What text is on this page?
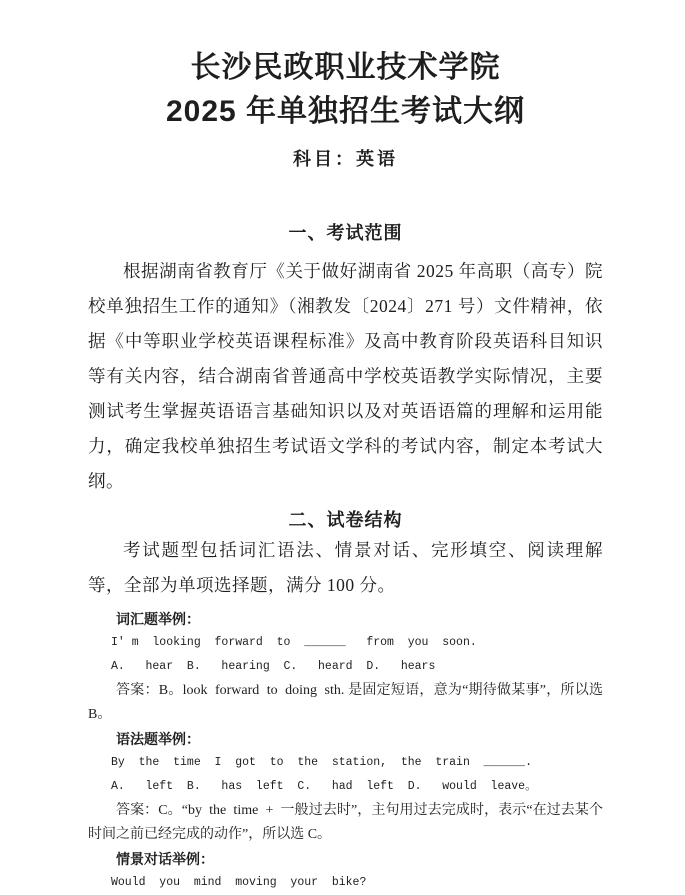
长沙民政职业技术学院
2025 年单独招生考试大纲
科目：英语
一、考试范围

根据湖南省教育厅《关于做好湖南省 2025 年高职（高专）院校单独招生工作的通知》（湘教发〔2024〕271 号）文件精神，依据《中等职业学校英语课程标准》及高中教育阶段英语科目知识等有关内容，结合湖南省普通高中学校英语教学实际情况，主要测试考生掌握英语语言基础知识以及对英语语篇的理解和运用能力，确定我校单独招生考试语文学科的考试内容，制定本考试大纲。

二、试卷结构

考试题型包括词汇语法、情景对话、完形填空、阅读理解等，全部为单项选择题，满分 100 分。

词汇题举例：
I' m  looking  forward  to  ______   from  you  soon.
A.   hear  B.   hearing  C.   heard  D.   hears
答案：B。look  forward  to  doing  sth. 是固定短语，意为“期待做某事”，所以选 B。
语法题举例：
By  the  time  I  got  to  the  station,  the  train  ______.
A.   left  B.   has  left  C.   had  left  D.   would  leave。
答案：C。“by  the  time  +  一般过去时”，主句用过去完成时，表示“在过去某个时间之前已经完成的动作”，所以选 C。
情景对话举例：
Would  you  mind  moving  your  bike?
